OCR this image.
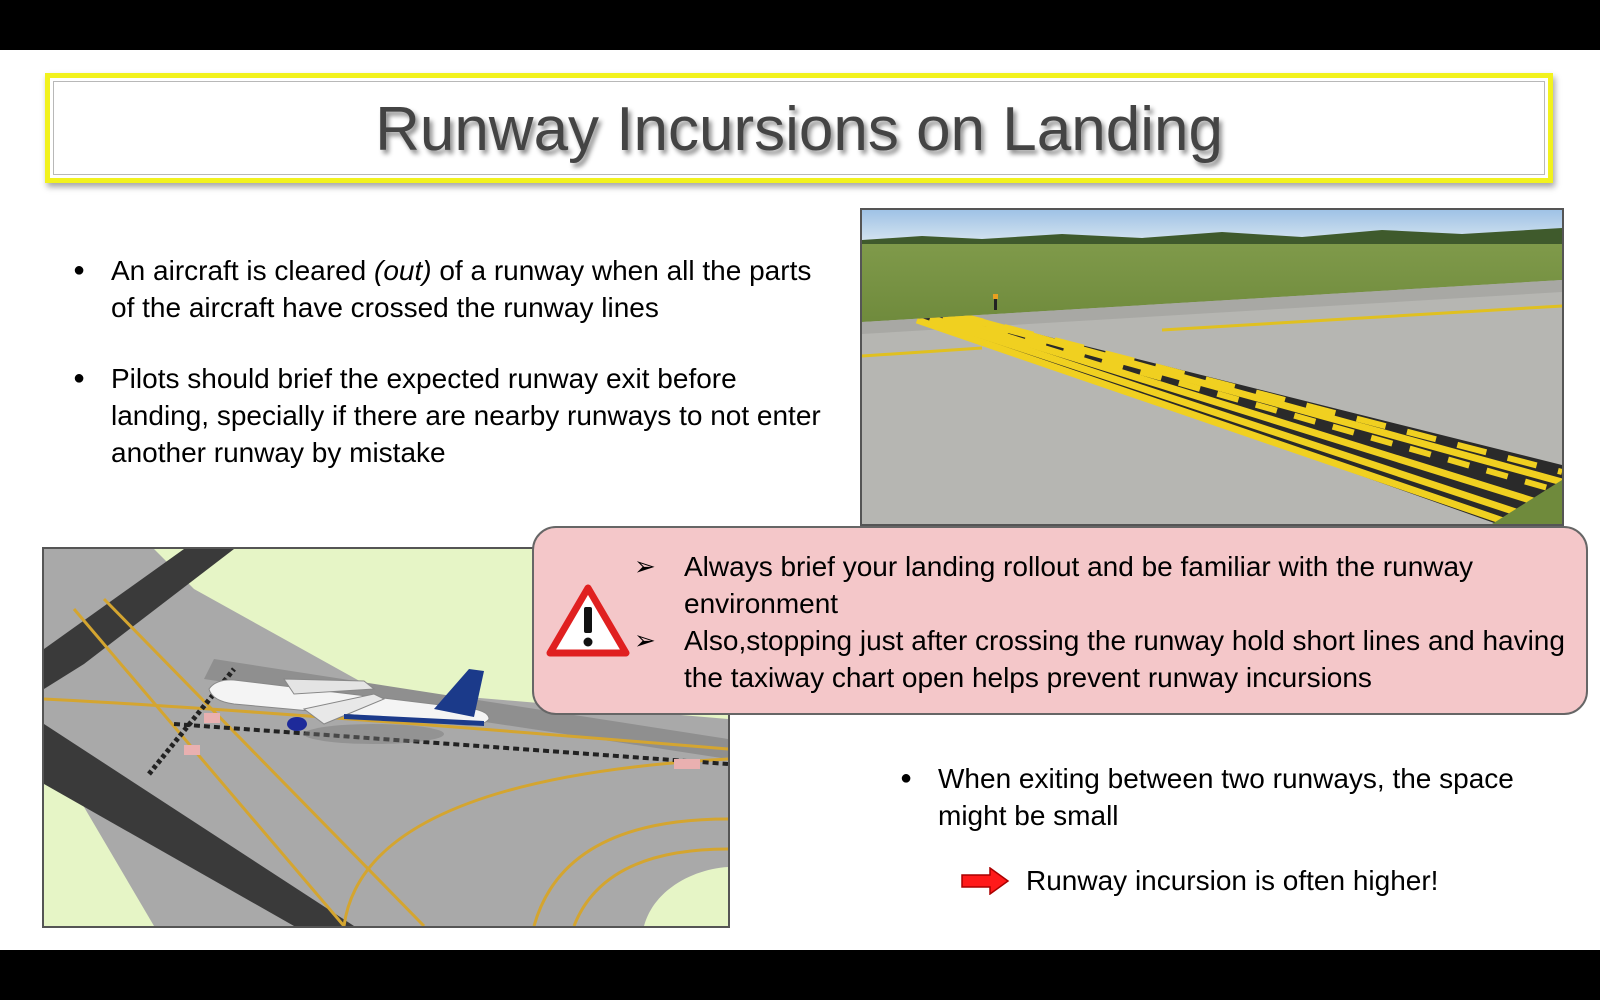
Runway Incursions on Landing
● An aircraft is cleared (out) of a runway when all the parts of the aircraft have crossed the runway lines
● Pilots should brief the expected runway exit before landing, specially if there are nearby runways to not enter another runway by mistake
➢ Always brief your landing rollout and be familiar with the runway environment
➢ Also,stopping just after crossing the runway hold short lines and having the taxiway chart open helps prevent runway incursions
● When exiting between two runways, the space might be small
Runway incursion is often higher!
